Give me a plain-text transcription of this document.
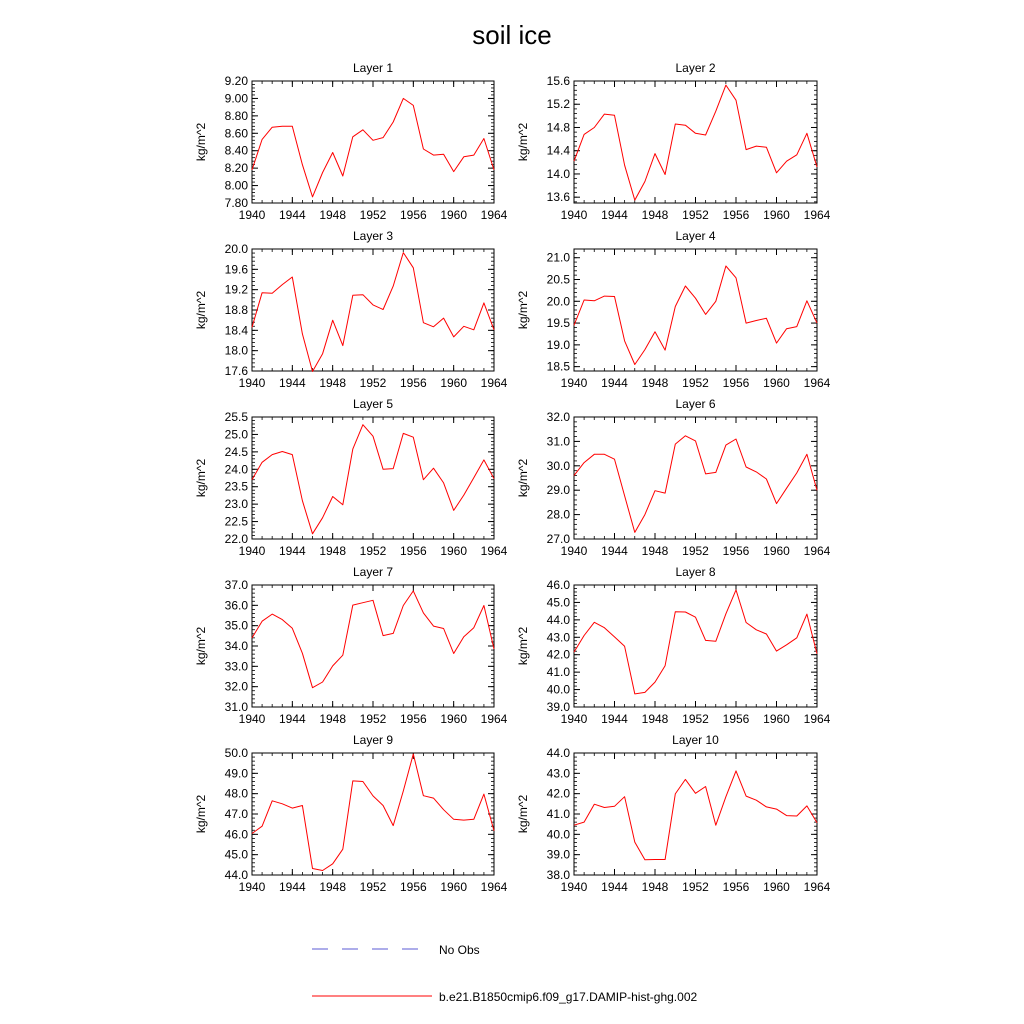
soil ice
Layer 1
kg/m^2
1940 1944 1948 1952 1956 1960 1964
7.80
8.00
8.20
8.40
8.60
8.80
9.00
9.20
Layer 2
kg/m^2
1940 1944 1948 1952 1956 1960 1964
13.6
14.0
14.4
14.8
15.2
15.6
Layer 3
kg/m^2
1940 1944 1948 1952 1956 1960 1964
17.6
18.0
18.4
18.8
19.2
19.6
20.0
Layer 4
kg/m^2
1940 1944 1948 1952 1956 1960 1964
18.5
19.0
19.5
20.0
20.5
21.0
Layer 5
kg/m^2
1940 1944 1948 1952 1956 1960 1964
22.0
22.5
23.0
23.5
24.0
24.5
25.0
25.5
Layer 6
kg/m^2
1940 1944 1948 1952 1956 1960 1964
27.0
28.0
29.0
30.0
31.0
32.0
Layer 7
kg/m^2
1940 1944 1948 1952 1956 1960 1964
31.0
32.0
33.0
34.0
35.0
36.0
37.0
Layer 8
kg/m^2
1940 1944 1948 1952 1956 1960 1964
39.0
40.0
41.0
42.0
43.0
44.0
45.0
46.0
Layer 9
kg/m^2
1940 1944 1948 1952 1956 1960 1964
44.0
45.0
46.0
47.0
48.0
49.0
50.0
Layer 10
kg/m^2
1940 1944 1948 1952 1956 1960 1964
38.0
39.0
40.0
41.0
42.0
43.0
44.0
No Obs
b.e21.B1850cmip6.f09_g17.DAMIP-hist-ghg.002
